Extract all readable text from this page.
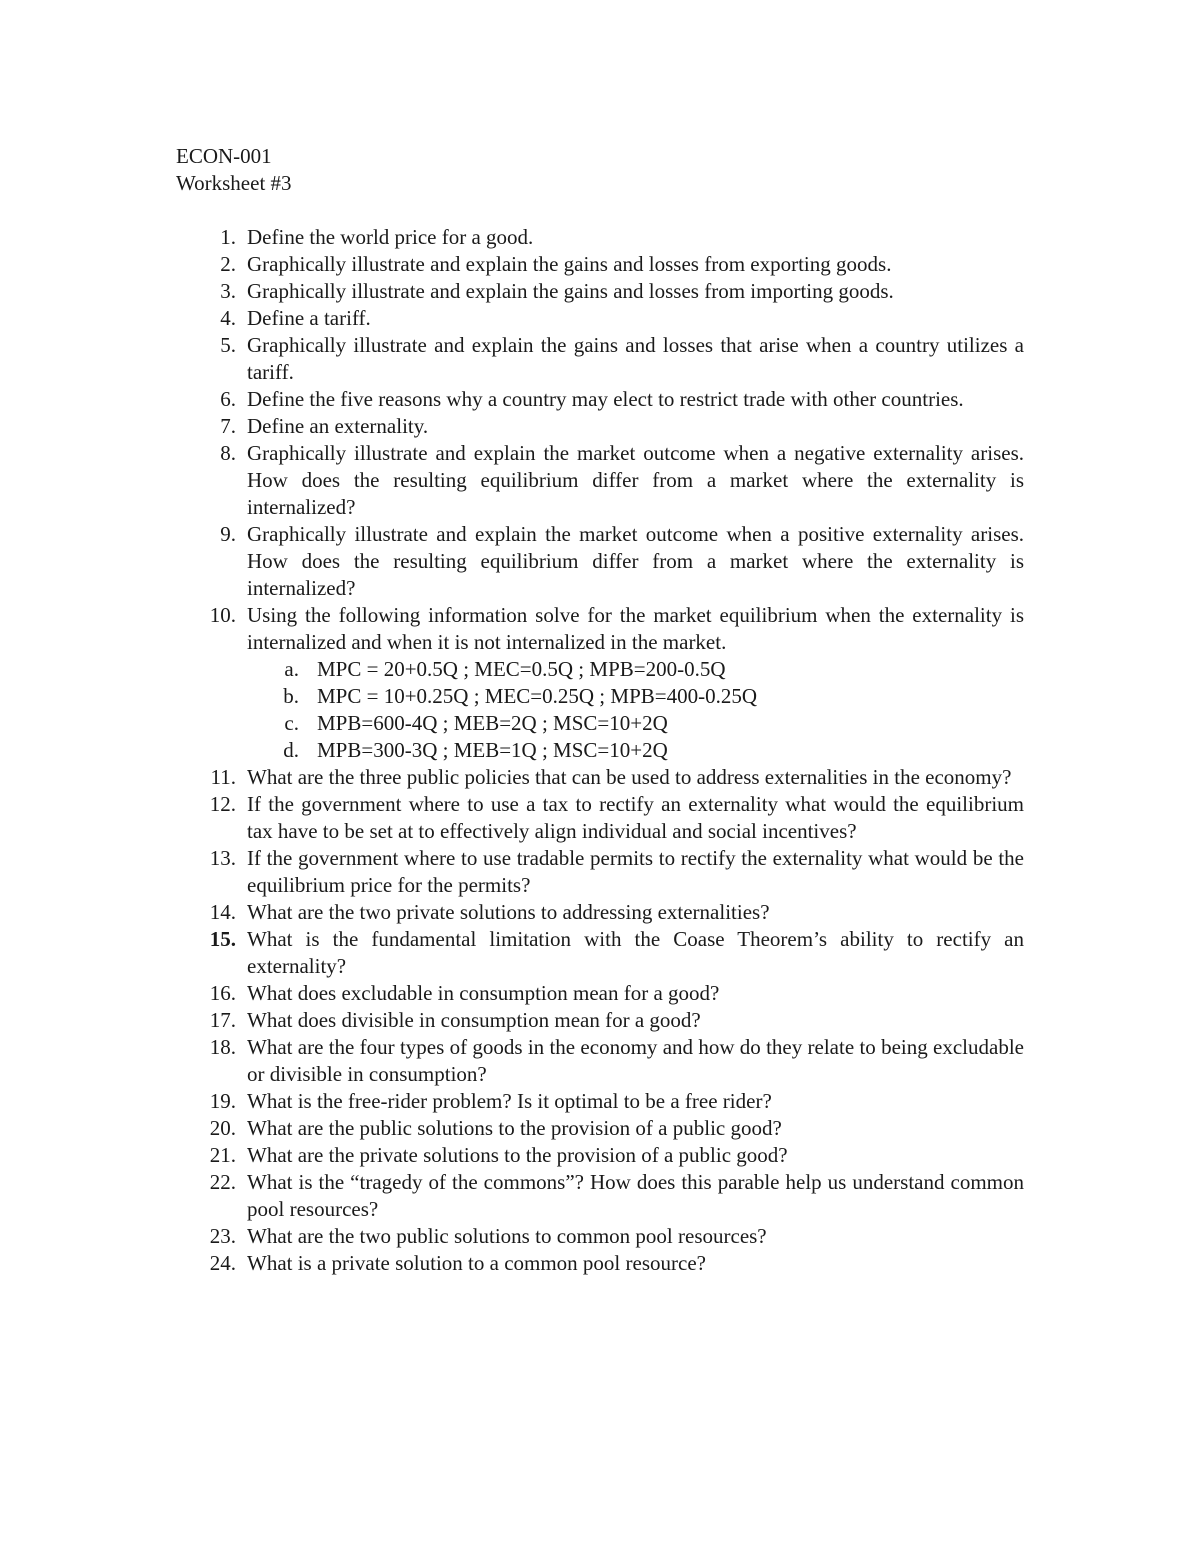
ECON-001
Worksheet #3
1. Define the world price for a good.
2. Graphically illustrate and explain the gains and losses from exporting goods.
3. Graphically illustrate and explain the gains and losses from importing goods.
4. Define a tariff.
5. Graphically illustrate and explain the gains and losses that arise when a country utilizes a tariff.
6. Define the five reasons why a country may elect to restrict trade with other countries.
7. Define an externality.
8. Graphically illustrate and explain the market outcome when a negative externality arises. How does the resulting equilibrium differ from a market where the externality is internalized?
9. Graphically illustrate and explain the market outcome when a positive externality arises. How does the resulting equilibrium differ from a market where the externality is internalized?
10. Using the following information solve for the market equilibrium when the externality is internalized and when it is not internalized in the market.
a. MPC = 20+0.5Q ; MEC=0.5Q ; MPB=200-0.5Q
b. MPC = 10+0.25Q ; MEC=0.25Q ; MPB=400-0.25Q
c. MPB=600-4Q ; MEB=2Q ; MSC=10+2Q
d. MPB=300-3Q ; MEB=1Q ; MSC=10+2Q
11. What are the three public policies that can be used to address externalities in the economy?
12. If the government where to use a tax to rectify an externality what would the equilibrium tax have to be set at to effectively align individual and social incentives?
13. If the government where to use tradable permits to rectify the externality what would be the equilibrium price for the permits?
14. What are the two private solutions to addressing externalities?
15. What is the fundamental limitation with the Coase Theorem’s ability to rectify an externality?
16. What does excludable in consumption mean for a good?
17. What does divisible in consumption mean for a good?
18. What are the four types of goods in the economy and how do they relate to being excludable or divisible in consumption?
19. What is the free-rider problem? Is it optimal to be a free rider?
20. What are the public solutions to the provision of a public good?
21. What are the private solutions to the provision of a public good?
22. What is the “tragedy of the commons”? How does this parable help us understand common pool resources?
23. What are the two public solutions to common pool resources?
24. What is a private solution to a common pool resource?
